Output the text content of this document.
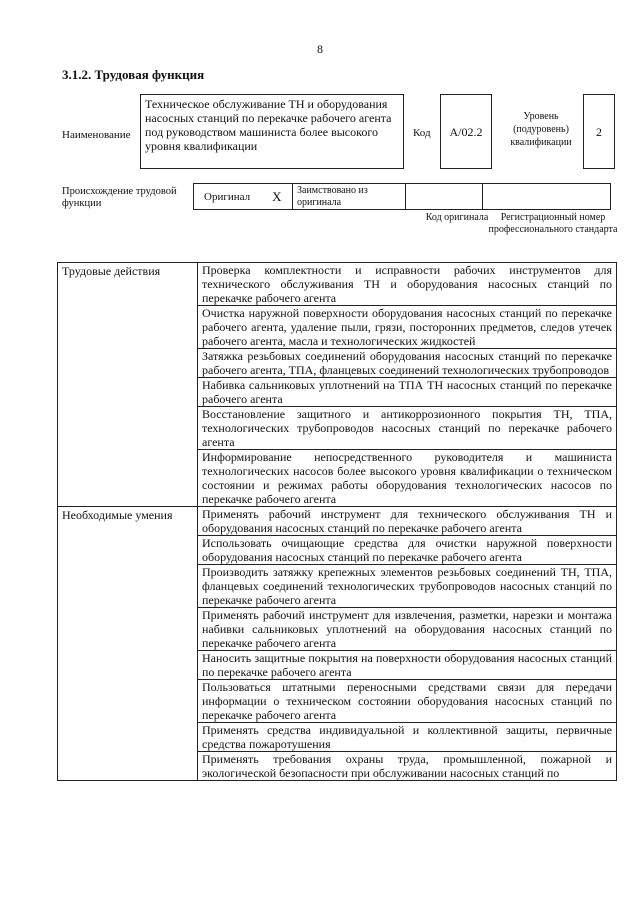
8
3.1.2. Трудовая функция
Наименование
Техническое обслуживание ТН и оборудования насосных станций по перекачке рабочего агента под руководством машиниста более высокого уровня квалификации
Код	А/02.2
Уровень (подуровень) квалификации
2
Происхождение трудовой функции
Оригинал X	Заимствовано из оригинала
Код оригинала	Регистрационный номер профессионального стандарта
Трудовые действия	Проверка комплектности и исправности рабочих инструментов для технического обслуживания ТН и оборудования насосных станций по перекачке рабочего агента
	Очистка наружной поверхности оборудования насосных станций по перекачке рабочего агента, удаление пыли, грязи, посторонних предметов, следов утечек рабочего агента, масла и технологических жидкостей
	Затяжка резьбовых соединений оборудования насосных станций по перекачке рабочего агента, ТПА, фланцевых соединений технологических трубопроводов
	Набивка сальниковых уплотнений на ТПА ТН насосных станций по перекачке рабочего агента
	Восстановление защитного и антикоррозионного покрытия ТН, ТПА, технологических трубопроводов насосных станций по перекачке рабочего агента
	Информирование непосредственного руководителя и машиниста технологических насосов более высокого уровня квалификации о техническом состоянии и режимах работы оборудования технологических насосов по перекачке рабочего агента
Необходимые умения	Применять рабочий инструмент для технического обслуживания ТН и оборудования насосных станций по перекачке рабочего агента
	Использовать очищающие средства для очистки наружной поверхности оборудования насосных станций по перекачке рабочего агента
	Производить затяжку крепежных элементов резьбовых соединений ТН, ТПА, фланцевых соединений технологических трубопроводов насосных станций по перекачке рабочего агента
	Применять рабочий инструмент для извлечения, разметки, нарезки и монтажа набивки сальниковых уплотнений на оборудования насосных станций по перекачке рабочего агента
	Наносить защитные покрытия на поверхности оборудования насосных станций по перекачке рабочего агента
	Пользоваться штатными переносными средствами связи для передачи информации о техническом состоянии оборудования насосных станций по перекачке рабочего агента
	Применять средства индивидуальной и коллективной защиты, первичные средства пожаротушения
	Применять требования охраны труда, промышленной, пожарной и экологической безопасности при обслуживании насосных станций по
